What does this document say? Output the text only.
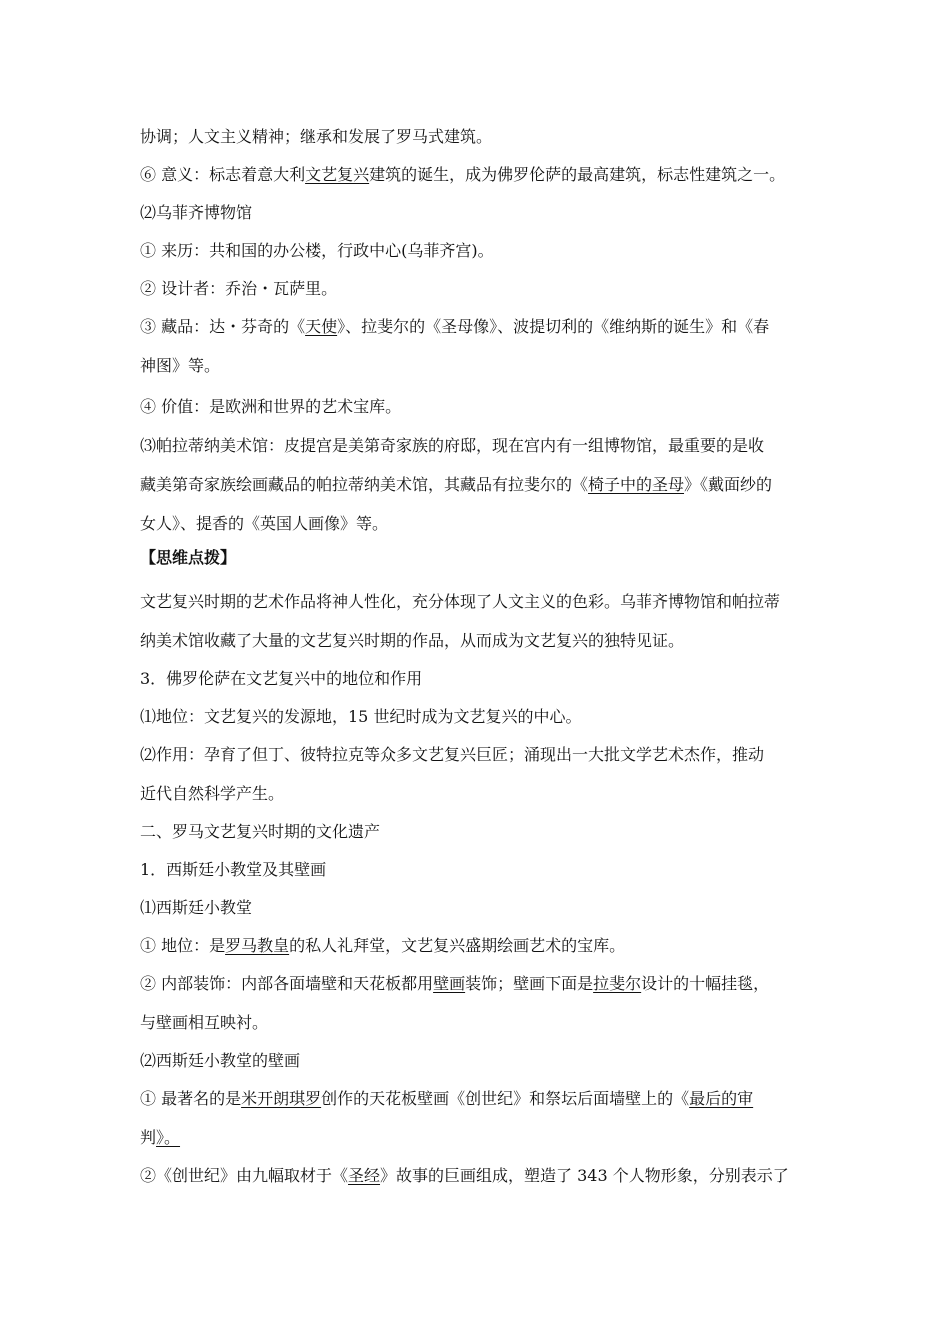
协调；人文主义精神；继承和发展了罗马式建筑。
⑥ 意义：标志着意大利文艺复兴建筑的诞生，成为佛罗伦萨的最高建筑，标志性建筑之一。
⑵乌菲齐博物馆
① 来历：共和国的办公楼，行政中心(乌菲齐宫)。
② 设计者：乔治・瓦萨里。
③ 藏品：达・芬奇的《天使》、拉斐尔的《圣母像》、波提切利的《维纳斯的诞生》和《春
神图》等。
④ 价值：是欧洲和世界的艺术宝库。
⑶帕拉蒂纳美术馆：皮提宫是美第奇家族的府邸，现在宫内有一组博物馆，最重要的是收
藏美第奇家族绘画藏品的帕拉蒂纳美术馆，其藏品有拉斐尔的《椅子中的圣母》《戴面纱的
女人》、提香的《英国人画像》等。
【思维点拨】
文艺复兴时期的艺术作品将神人性化，充分体现了人文主义的色彩。乌菲齐博物馆和帕拉蒂
纳美术馆收藏了大量的文艺复兴时期的作品，从而成为文艺复兴的独特见证。
3．佛罗伦萨在文艺复兴中的地位和作用
⑴地位：文艺复兴的发源地，15 世纪时成为文艺复兴的中心。
⑵作用：孕育了但丁、彼特拉克等众多文艺复兴巨匠；涌现出一大批文学艺术杰作，推动
近代自然科学产生。
二、罗马文艺复兴时期的文化遗产
1．西斯廷小教堂及其壁画
⑴西斯廷小教堂
① 地位：是罗马教皇的私人礼拜堂，文艺复兴盛期绘画艺术的宝库。
② 内部装饰：内部各面墙壁和天花板都用壁画装饰；壁画下面是拉斐尔设计的十幅挂毯，
与壁画相互映衬。
⑵西斯廷小教堂的壁画
① 最著名的是米开朗琪罗创作的天花板壁画《创世纪》和祭坛后面墙壁上的《最后的审
判》。
②《创世纪》由九幅取材于《圣经》故事的巨画组成，塑造了 343 个人物形象，分别表示了
